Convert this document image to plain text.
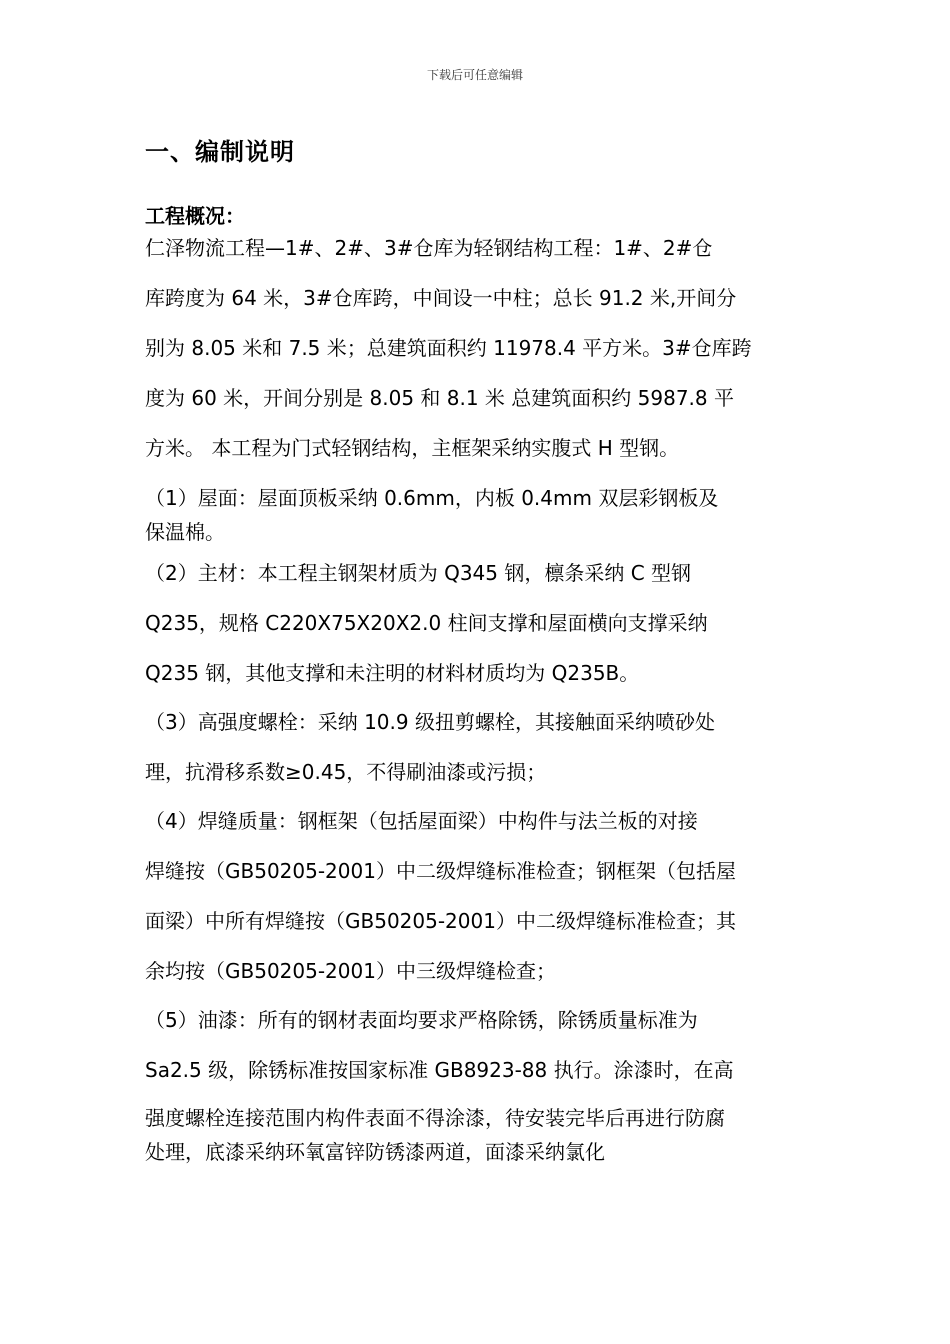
下载后可任意编辑
一、编制说明
工程概况：
仁泽物流工程—1#、2#、3#仓库为轻钢结构工程：1#、2#仓
库跨度为 64 米，3#仓库跨，中间设一中柱；总长 91.2 米,开间分
别为 8.05 米和 7.5 米；总建筑面积约 11978.4 平方米。3#仓库跨
度为 60 米，开间分别是 8.05 和 8.1 米 总建筑面积约 5987.8 平
方米。 本工程为门式轻钢结构，主框架采纳实腹式 H 型钢。
（1）屋面：屋面顶板采纳 0.6mm，内板 0.4mm 双层彩钢板及
保温棉。
（2）主材：本工程主钢架材质为 Q345 钢，檩条采纳 C 型钢
Q235，规格 C220X75X20X2.0 柱间支撑和屋面横向支撑采纳
Q235 钢，其他支撑和未注明的材料材质均为 Q235B。
（3）高强度螺栓：采纳 10.9 级扭剪螺栓，其接触面采纳喷砂处
理，抗滑移系数≥0.45，不得刷油漆或污损；
（4）焊缝质量：钢框架（包括屋面梁）中构件与法兰板的对接
焊缝按（GB50205-2001）中二级焊缝标准检查；钢框架（包括屋
面梁）中所有焊缝按（GB50205-2001）中二级焊缝标准检查；其
余均按（GB50205-2001）中三级焊缝检查；
（5）油漆：所有的钢材表面均要求严格除锈，除锈质量标准为
Sa2.5 级，除锈标准按国家标准 GB8923-88 执行。涂漆时，在高
强度螺栓连接范围内构件表面不得涂漆，待安装完毕后再进行防腐
处理，底漆采纳环氧富锌防锈漆两道，面漆采纳氯化
